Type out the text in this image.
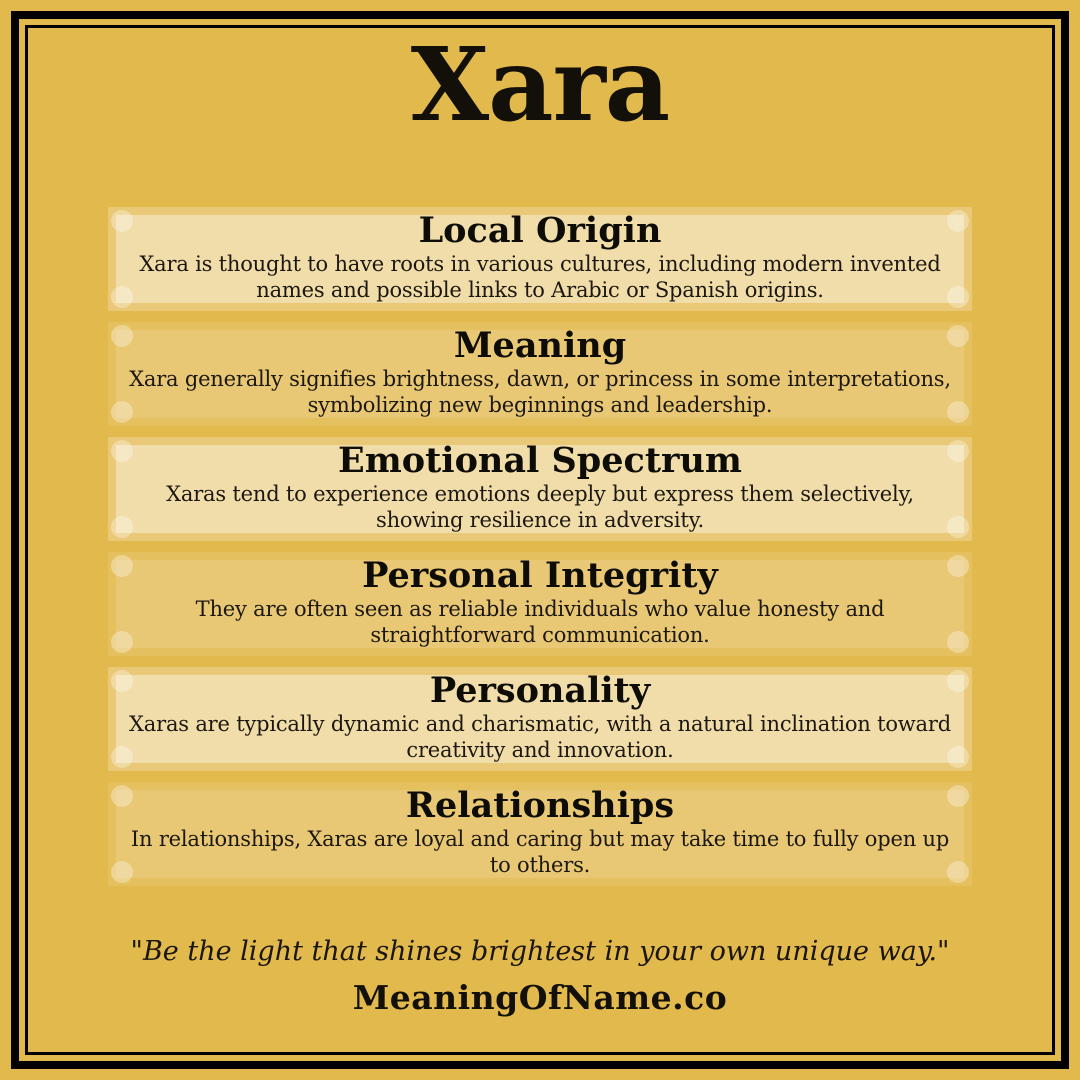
Xara
Local Origin

Xara is thought to have roots in various cultures, including modern invented names and possible links to Arabic or Spanish origins.

Meaning

Xara generally signifies brightness, dawn, or princess in some interpretations, symbolizing new beginnings and leadership.

Emotional Spectrum

Xaras tend to experience emotions deeply but express them selectively, showing resilience in adversity.

Personal Integrity

They are often seen as reliable individuals who value honesty and straightforward communication.

Personality

Xaras are typically dynamic and charismatic, with a natural inclination toward creativity and innovation.

Relationships

In relationships, Xaras are loyal and caring but may take time to fully open up to others.

"Be the light that shines brightest in your own unique way."
MeaningOfName.co
